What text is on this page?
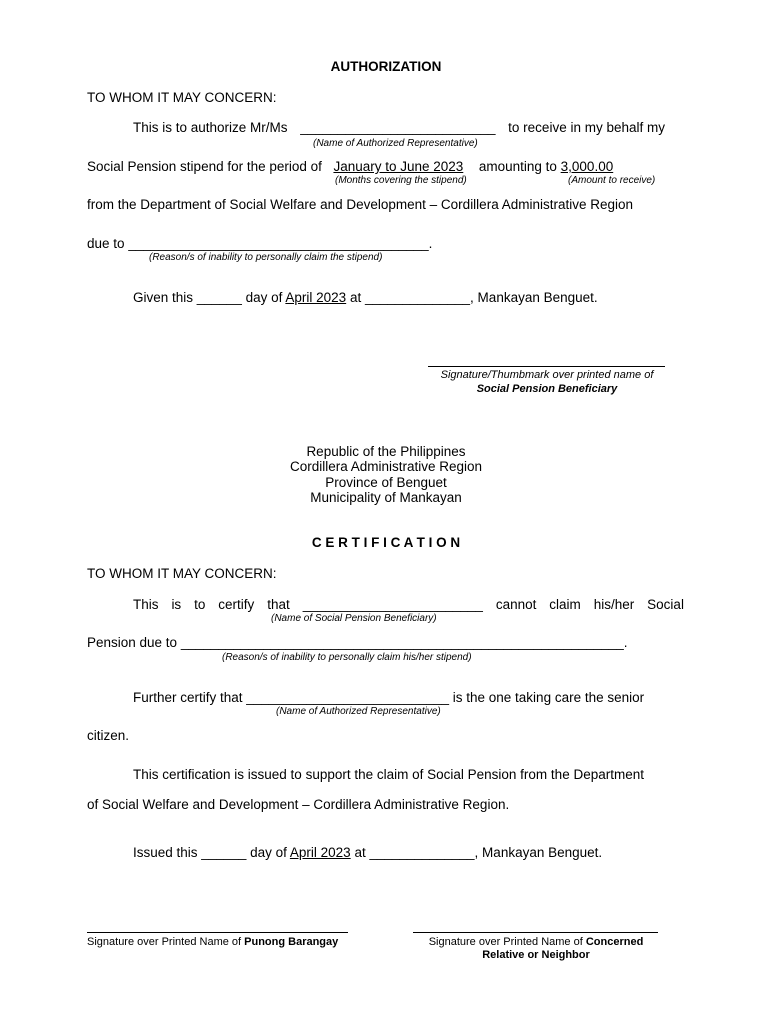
AUTHORIZATION
TO WHOM IT MAY CONCERN:
This is to authorize Mr/Ms __________________________ to receive in my behalf my
(Name of Authorized Representative)
Social Pension stipend for the period of January to June 2023 amounting to 3,000.00
(Months covering the stipend)	(Amount to receive)
from the Department of Social Welfare and Development – Cordillera Administrative Region
due to ________________________________________.
(Reason/s of inability to personally claim the stipend)
Given this ______ day of April 2023 at ______________, Mankayan Benguet.
Signature/Thumbmark over printed name of
Social Pension Beneficiary
Republic of the Philippines
Cordillera Administrative Region
Province of Benguet
Municipality of Mankayan
C E R T I F I C A T I O N
TO WHOM IT MAY CONCERN:
This is to certify that ________________________ cannot claim his/her Social
(Name of Social Pension Beneficiary)
Pension due to ___________________________________________________________.
(Reason/s of inability to personally claim his/her stipend)
Further certify that ___________________________ is the one taking care the senior
(Name of Authorized Representative)
citizen.
This certification is issued to support the claim of Social Pension from the Department
of Social Welfare and Development – Cordillera Administrative Region.
Issued this ______ day of April 2023 at ______________, Mankayan Benguet.
Signature over Printed Name of Punong Barangay	Signature over Printed Name of Concerned
Relative or Neighbor
